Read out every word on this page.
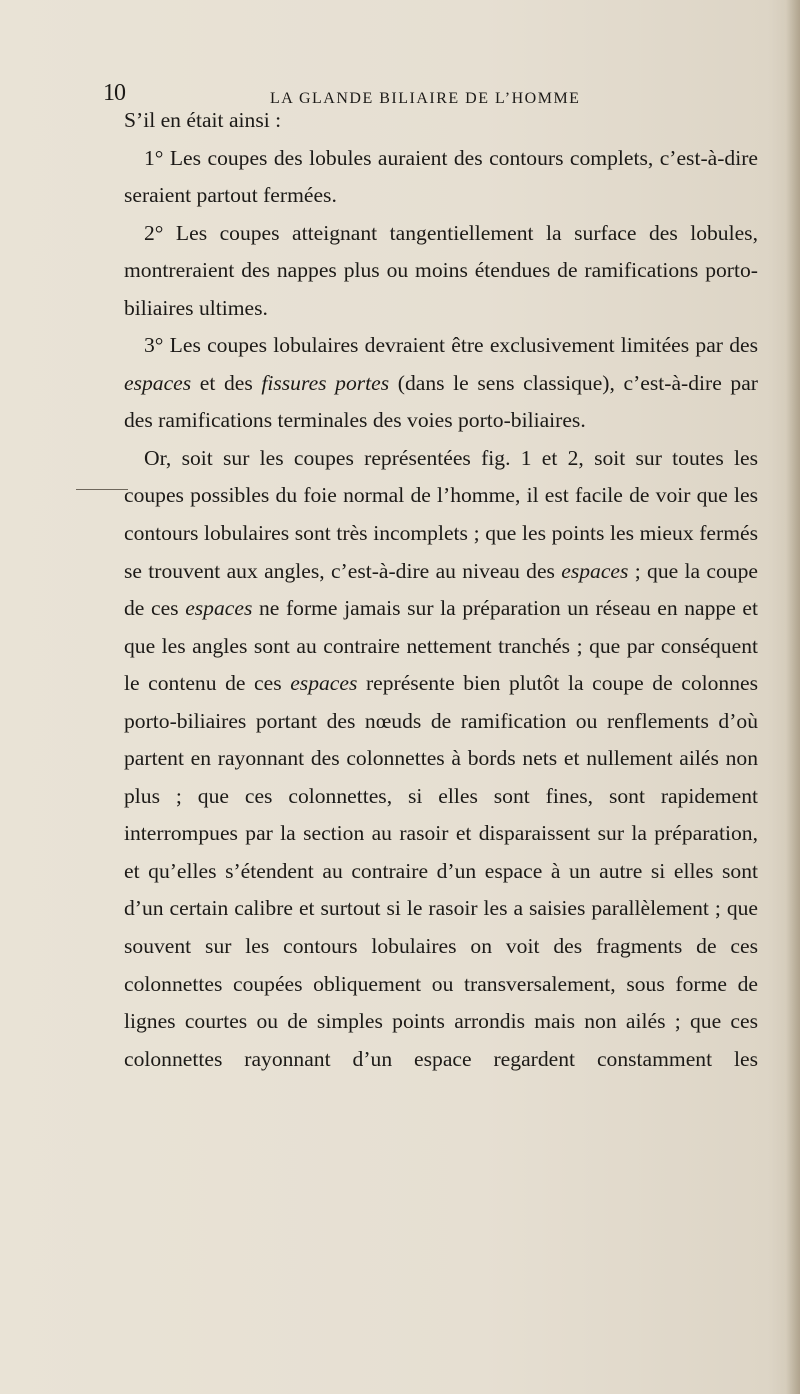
10	LA GLANDE BILIAIRE DE L’HOMME

S’il en était ainsi :

1° Les coupes des lobules auraient des contours complets, c’est-à-dire seraient partout fermées.

2° Les coupes atteignant tangentiellement la surface des lobules, montreraient des nappes plus ou moins étendues de ramifications porto-biliaires ultimes.

3° Les coupes lobulaires devraient être exclusivement limitées par des espaces et des fissures portes (dans le sens classique), c’est-à-dire par des ramifications terminales des voies porto-biliaires.

Or, soit sur les coupes représentées fig. 1 et 2, soit sur toutes les coupes possibles du foie normal de l’homme, il est facile de voir que les contours lobulaires sont très incomplets ; que les points les mieux fermés se trouvent aux angles, c’est-à-dire au niveau des espaces ; que la coupe de ces espaces ne forme jamais sur la préparation un réseau en nappe et que les angles sont au contraire nettement tranchés ; que par conséquent le contenu de ces espaces représente bien plutôt la coupe de colonnes porto-biliaires portant des nœuds de ramification ou renflements d’où partent en rayonnant des colonnettes à bords nets et nullement ailés non plus ; que ces colonnettes, si elles sont fines, sont rapidement interrompues par la section au rasoir et disparaissent sur la préparation, et qu’elles s’étendent au contraire d’un espace à un autre si elles sont d’un certain calibre et surtout si le rasoir les a saisies parallèlement ; que souvent sur les contours lobulaires on voit des fragments de ces colonnettes coupées obliquement ou transversalement, sous forme de lignes courtes ou de simples points arrondis mais non ailés ; que ces colonnettes rayonnant d’un espace regardent constamment les
